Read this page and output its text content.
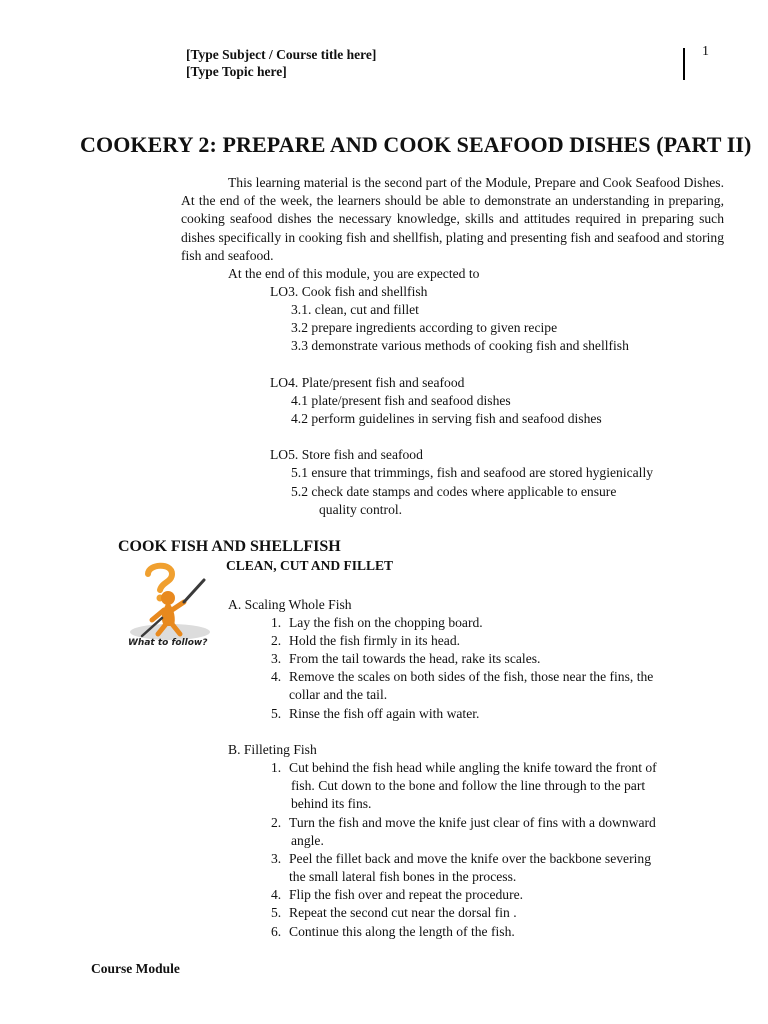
[Type Subject / Course title here]
[Type Topic here]
1
COOKERY 2: PREPARE AND COOK SEAFOOD DISHES (PART II)

This learning material is the second part of the Module, Prepare and Cook Seafood Dishes. At the end of the week, the learners should be able to demonstrate an understanding in preparing, cooking seafood dishes the necessary knowledge, skills and attitudes required in preparing such dishes specifically in cooking fish and shellfish, plating and presenting fish and seafood and storing fish and seafood.

At the end of this module, you are expected to
LO3. Cook fish and shellfish
3.1. clean, cut and fillet
3.2 prepare ingredients according to given recipe
3.3 demonstrate various methods of cooking fish and shellfish
LO4. Plate/present fish and seafood
4.1 plate/present fish and seafood dishes
4.2 perform guidelines in serving fish and seafood dishes
LO5. Store fish and seafood
5.1 ensure that trimmings, fish and seafood are stored hygienically
5.2 check date stamps and codes where applicable to ensure
quality control.
COOK FISH AND SHELLFISH
CLEAN, CUT AND FILLET
What to follow?
A. Scaling Whole Fish
1. Lay the fish on the chopping board.
2. Hold the fish firmly in its head.
3. From the tail towards the head, rake its scales.
4. Remove the scales on both sides of the fish, those near the fins, the
collar and the tail.
5. Rinse the fish off again with water.
B. Filleting Fish
1. Cut behind the fish head while angling the knife toward the front of
fish. Cut down to the bone and follow the line through to the part
behind its fins.
2. Turn the fish and move the knife just clear of fins with a downward
angle.
3. Peel the fillet back and move the knife over the backbone severing
the small lateral fish bones in the process.
4. Flip the fish over and repeat the procedure.
5. Repeat the second cut near the dorsal fin .
6. Continue this along the length of the fish.
Course Module
